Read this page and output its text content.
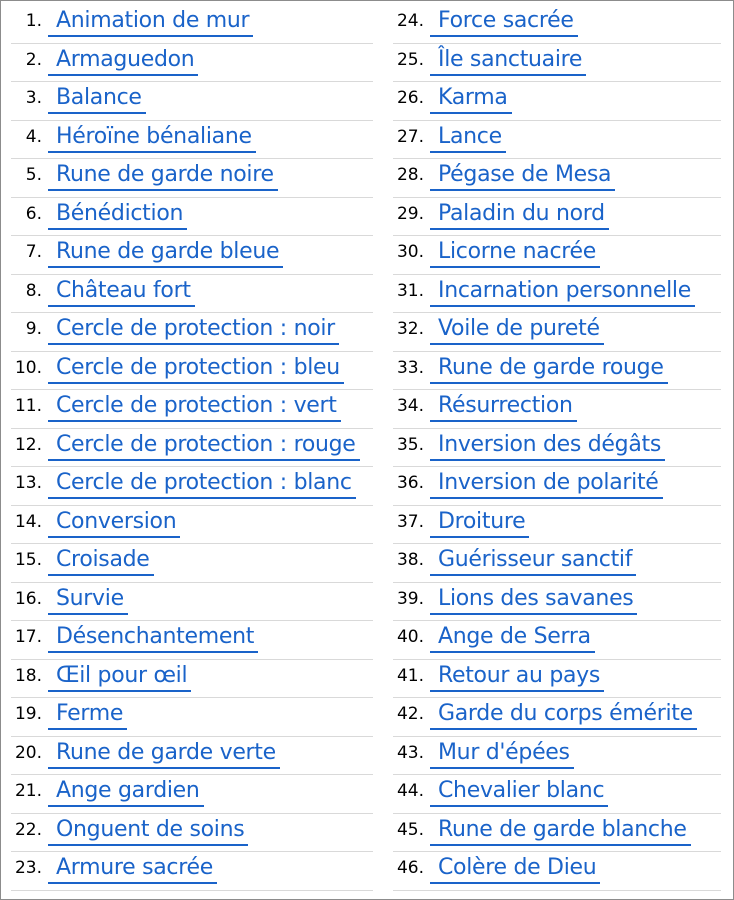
1. Animation de mur
2. Armaguedon
3. Balance
4. Héroïne bénaliane
5. Rune de garde noire
6. Bénédiction
7. Rune de garde bleue
8. Château fort
9. Cercle de protection : noir
10. Cercle de protection : bleu
11. Cercle de protection : vert
12. Cercle de protection : rouge
13. Cercle de protection : blanc
14. Conversion
15. Croisade
16. Survie
17. Désenchantement
18. Œil pour œil
19. Ferme
20. Rune de garde verte
21. Ange gardien
22. Onguent de soins
23. Armure sacrée
24. Force sacrée
25. Île sanctuaire
26. Karma
27. Lance
28. Pégase de Mesa
29. Paladin du nord
30. Licorne nacrée
31. Incarnation personnelle
32. Voile de pureté
33. Rune de garde rouge
34. Résurrection
35. Inversion des dégâts
36. Inversion de polarité
37. Droiture
38. Guérisseur sanctif
39. Lions des savanes
40. Ange de Serra
41. Retour au pays
42. Garde du corps émérite
43. Mur d'épées
44. Chevalier blanc
45. Rune de garde blanche
46. Colère de Dieu
